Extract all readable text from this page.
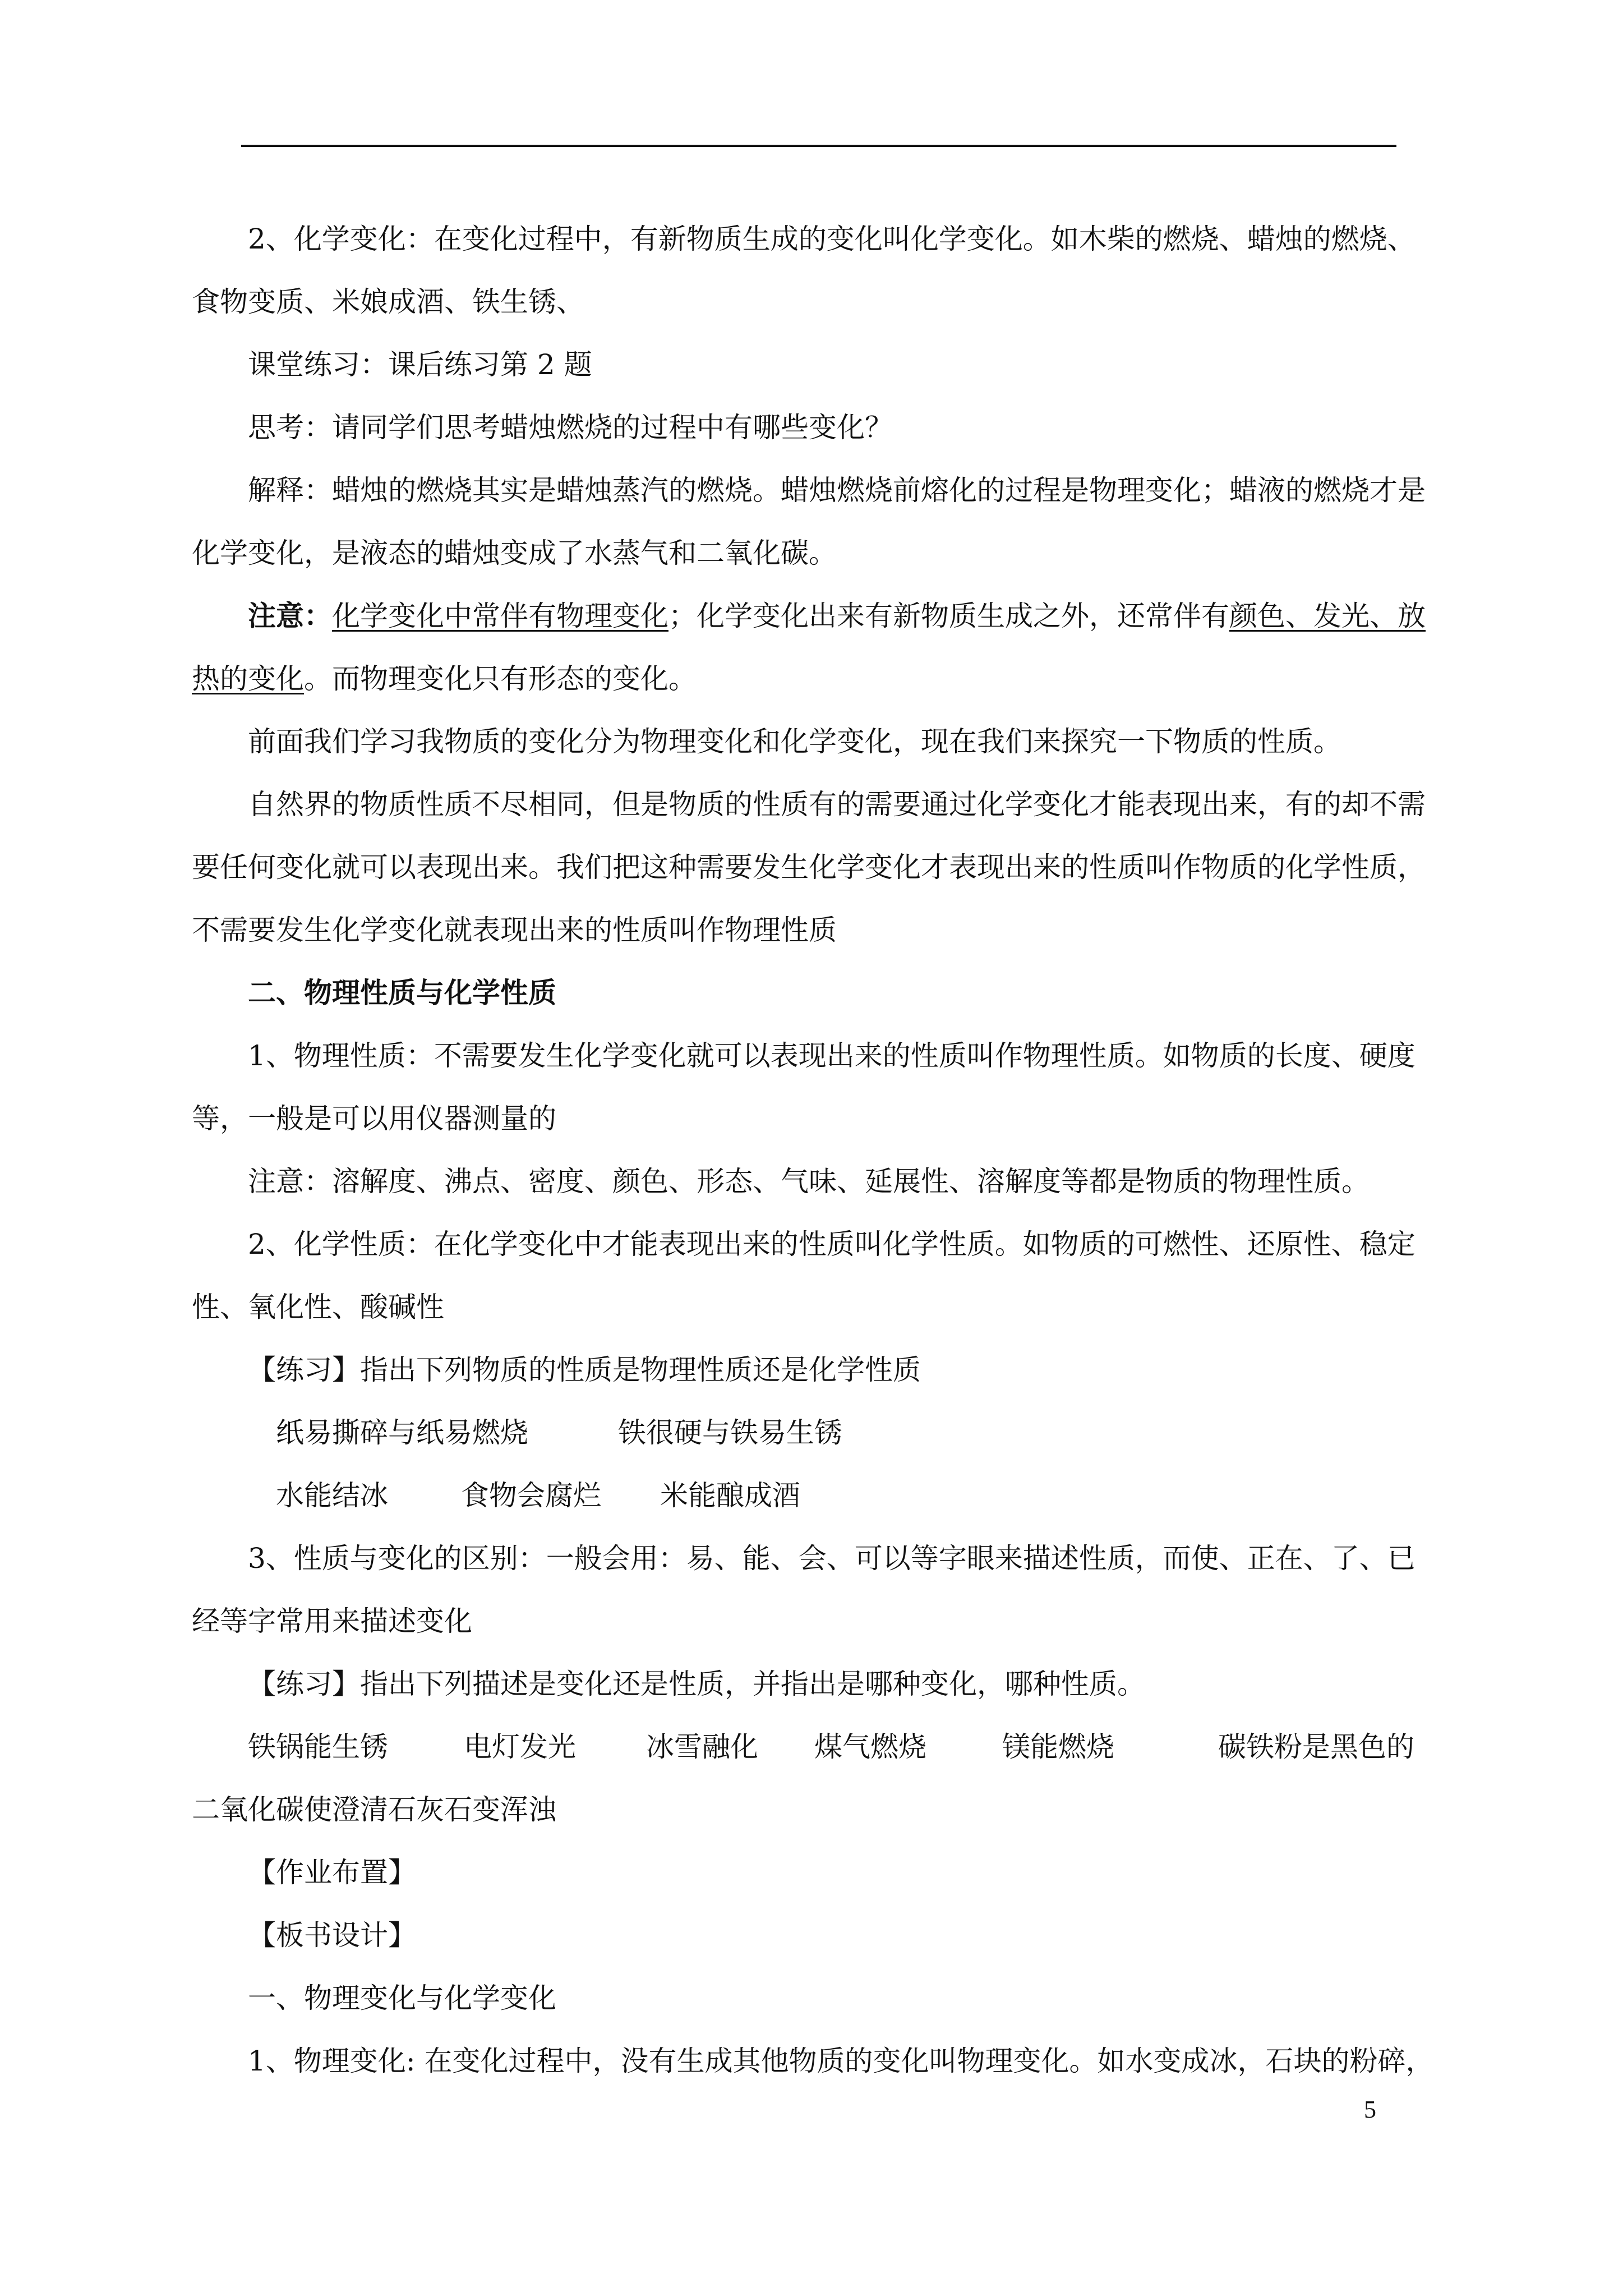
2、化学变化：在变化过程中，有新物质生成的变化叫化学变化。如木柴的燃烧、蜡烛的燃烧、

食物变质、米娘成酒、铁生锈、

课堂练习：课后练习第 2 题

思考：请同学们思考蜡烛燃烧的过程中有哪些变化？

解释：蜡烛的燃烧其实是蜡烛蒸汽的燃烧。蜡烛燃烧前熔化的过程是物理变化；蜡液的燃烧才是

化学变化，是液态的蜡烛变成了水蒸气和二氧化碳。

注意：化学变化中常伴有物理变化；化学变化出来有新物质生成之外，还常伴有颜色、发光、放

热的变化。而物理变化只有形态的变化。

前面我们学习我物质的变化分为物理变化和化学变化，现在我们来探究一下物质的性质。

自然界的物质性质不尽相同，但是物质的性质有的需要通过化学变化才能表现出来，有的却不需

要任何变化就可以表现出来。我们把这种需要发生化学变化才表现出来的性质叫作物质的化学性质，

不需要发生化学变化就表现出来的性质叫作物理性质

二、物理性质与化学性质

1、物理性质：不需要发生化学变化就可以表现出来的性质叫作物理性质。如物质的长度、硬度

等，一般是可以用仪器测量的

注意：溶解度、沸点、密度、颜色、形态、气味、延展性、溶解度等都是物质的物理性质。

2、化学性质：在化学变化中才能表现出来的性质叫化学性质。如物质的可燃性、还原性、稳定

性、氧化性、酸碱性

【练习】指出下列物质的性质是物理性质还是化学性质

纸易撕碎与纸易燃烧	铁很硬与铁易生锈

水能结冰	食物会腐烂 米能酿成酒

3、性质与变化的区别：一般会用：易、能、会、可以等字眼来描述性质，而使、正在、了、已

经等字常用来描述变化

【练习】指出下列描述是变化还是性质，并指出是哪种变化，哪种性质。

铁锅能生锈	电灯发光	冰雪融化 煤气燃烧	镁能燃烧	碳铁粉是黑色的

二氧化碳使澄清石灰石变浑浊

【作业布置】

【板书设计】

一、物理变化与化学变化

1、物理变化: 在变化过程中，没有生成其他物质的变化叫物理变化。如水变成冰，石块的粉碎，

5
